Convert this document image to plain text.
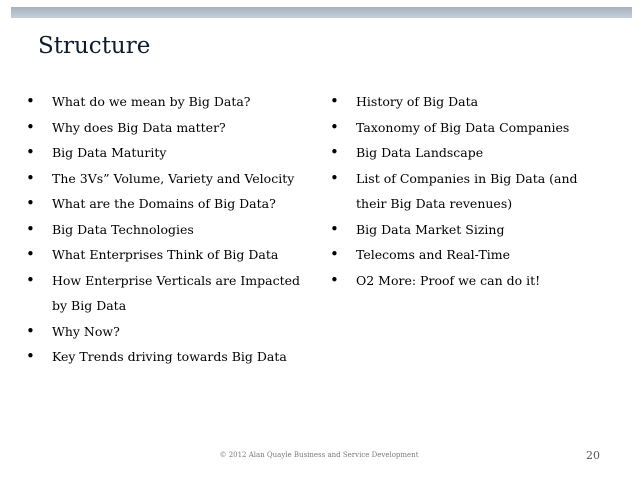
Structure
• What do we mean by Big Data?
• Why does Big Data matter?
• Big Data Maturity
• The 3Vs” Volume, Variety and Velocity
• What are the Domains of Big Data?
• Big Data Technologies
• What Enterprises Think of Big Data
• How Enterprise Verticals are Impacted
by Big Data
• Why Now?
• Key Trends driving towards Big Data
• History of Big Data
• Taxonomy of Big Data Companies
• Big Data Landscape
• List of Companies in Big Data (and
their Big Data revenues)
• Big Data Market Sizing
• Telecoms and Real-Time
• O2 More: Proof we can do it!
© 2012 Alan Quayle Business and Service Development	20
